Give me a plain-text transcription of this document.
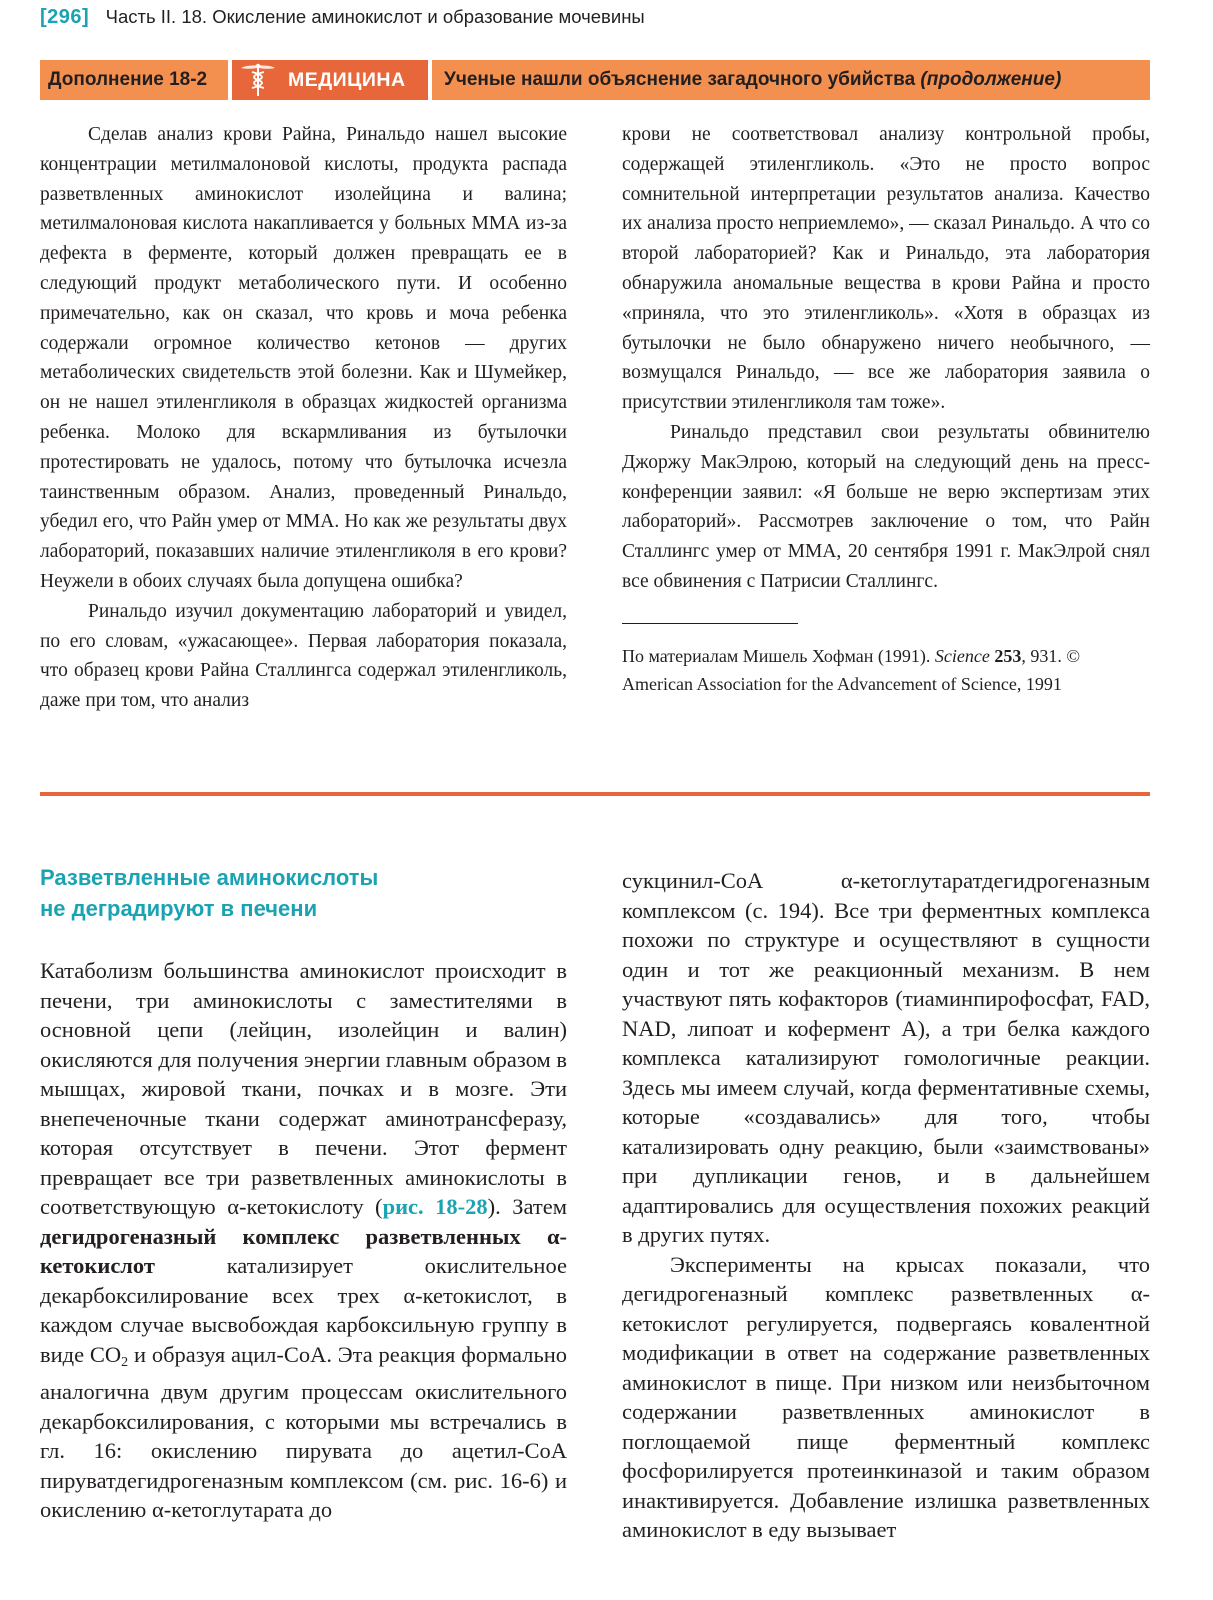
[296] Часть II. 18. Окисление аминокислот и образование мочевины
Дополнение 18-2	МЕДИЦИНА	Ученые нашли объяснение загадочного убийства (продолжение)

Сделав анализ крови Райна, Ринальдо нашел высокие концентрации метилмалоновой кислоты, продукта распада разветвленных аминокислот изолейцина и валина; метилмалоновая кислота накапливается у больных ММА из-за дефекта в ферменте, который должен превращать ее в следующий продукт метаболического пути. И особенно примечательно, как он сказал, что кровь и моча ребенка содержали огромное количество кетонов — других метаболических свидетельств этой болезни. Как и Шумейкер, он не нашел этиленгликоля в образцах жидкостей организма ребенка. Молоко для вскармливания из бутылочки протестировать не удалось, потому что бутылочка исчезла таинственным образом. Анализ, проведенный Ринальдо, убедил его, что Райн умер от ММА. Но как же результаты двух лабораторий, показавших наличие этиленгликоля в его крови? Неужели в обоих случаях была допущена ошибка?

Ринальдо изучил документацию лабораторий и увидел, по его словам, «ужасающее». Первая лаборатория показала, что образец крови Райна Сталлингса содержал этиленгликоль, даже при том, что анализ

крови не соответствовал анализу контрольной пробы, содержащей этиленгликоль. «Это не просто вопрос сомнительной интерпретации результатов анализа. Качество их анализа просто неприемлемо», — сказал Ринальдо. А что со второй лабораторией? Как и Ринальдо, эта лаборатория обнаружила аномальные вещества в крови Райна и просто «приняла, что это этиленгликоль». «Хотя в образцах из бутылочки не было обнаружено ничего необычного, — возмущался Ринальдо, — все же лаборатория заявила о присутствии этиленгликоля там тоже».

Ринальдо представил свои результаты обвинителю Джоржу МакЭлрою, который на следующий день на пресс-конференции заявил: «Я больше не верю экспертизам этих лабораторий». Рассмотрев заключение о том, что Райн Сталлингс умер от ММА, 20 сентября 1991 г. МакЭлрой снял все обвинения с Патрисии Сталлингс.

По материалам Мишель Хофман (1991). Science 253, 931. © American Association for the Advancement of Science, 1991

Разветвленные аминокислоты
не деградируют в печени

Катаболизм большинства аминокислот происходит в печени, три аминокислоты с заместителями в основной цепи (лейцин, изолейцин и валин) окисляются для получения энергии главным образом в мышцах, жировой ткани, почках и в мозге. Эти внепеченочные ткани содержат аминотрансферазу, которая отсутствует в печени. Этот фермент превращает все три разветвленных аминокислоты в соответствующую α-кетокислоту (рис. 18-28). Затем дегидрогеназный комплекс разветвленных α-кетокислот катализирует окислительное декарбоксилирование всех трех α-кетокислот, в каждом случае высвобождая карбоксильную группу в виде $CO_2$ и образуя ацил-CoA. Эта реакция формально аналогична двум другим процессам окислительного декарбоксилирования, с которыми мы встречались в гл. 16: окислению пирувата до ацетил-CoA пируватдегидрогеназным комплексом (см. рис. 16-6) и окислению α-кетоглутарата до

сукцинил-CoA α-кетоглутаратдегидрогеназным комплексом (с. 194). Все три ферментных комплекса похожи по структуре и осуществляют в сущности один и тот же реакционный механизм. В нем участвуют пять кофакторов (тиаминпирофосфат, FAD, NAD, липоат и кофермент А), а три белка каждого комплекса катализируют гомологичные реакции. Здесь мы имеем случай, когда ферментативные схемы, которые «создавались» для того, чтобы катализировать одну реакцию, были «заимствованы» при дупликации генов, и в дальнейшем адаптировались для осуществления похожих реакций в других путях.

Эксперименты на крысах показали, что дегидрогеназный комплекс разветвленных α-кетокислот регулируется, подвергаясь ковалентной модификации в ответ на содержание разветвленных аминокислот в пище. При низком или неизбыточном содержании разветвленных аминокислот в поглощаемой пище ферментный комплекс фосфорилируется протеинкиназой и таким образом инактивируется. Добавление излишка разветвленных аминокислот в еду вызывает
